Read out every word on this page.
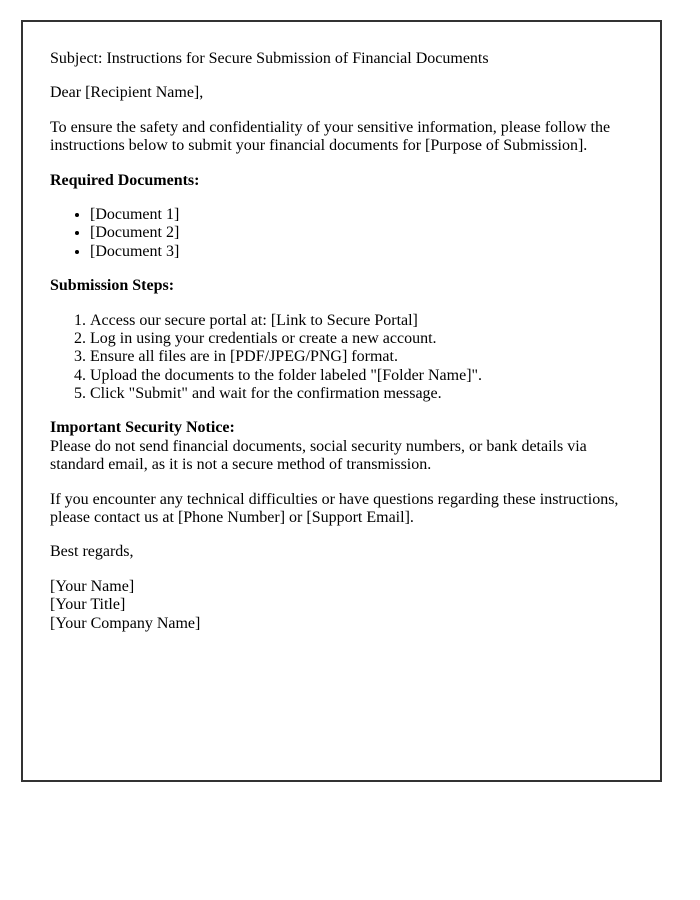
Subject: Instructions for Secure Submission of Financial Documents

Dear [Recipient Name],

To ensure the safety and confidentiality of your sensitive information, please follow the instructions below to submit your financial documents for [Purpose of Submission].

Required Documents:

• [Document 1]
• [Document 2]
• [Document 3]

Submission Steps:

1. Access our secure portal at: [Link to Secure Portal]
2. Log in using your credentials or create a new account.
3. Ensure all files are in [PDF/JPEG/PNG] format.
4. Upload the documents to the folder labeled "[Folder Name]".
5. Click "Submit" and wait for the confirmation message.

Important Security Notice:
Please do not send financial documents, social security numbers, or bank details via standard email, as it is not a secure method of transmission.

If you encounter any technical difficulties or have questions regarding these instructions, please contact us at [Phone Number] or [Support Email].

Best regards,

[Your Name]
[Your Title]
[Your Company Name]
